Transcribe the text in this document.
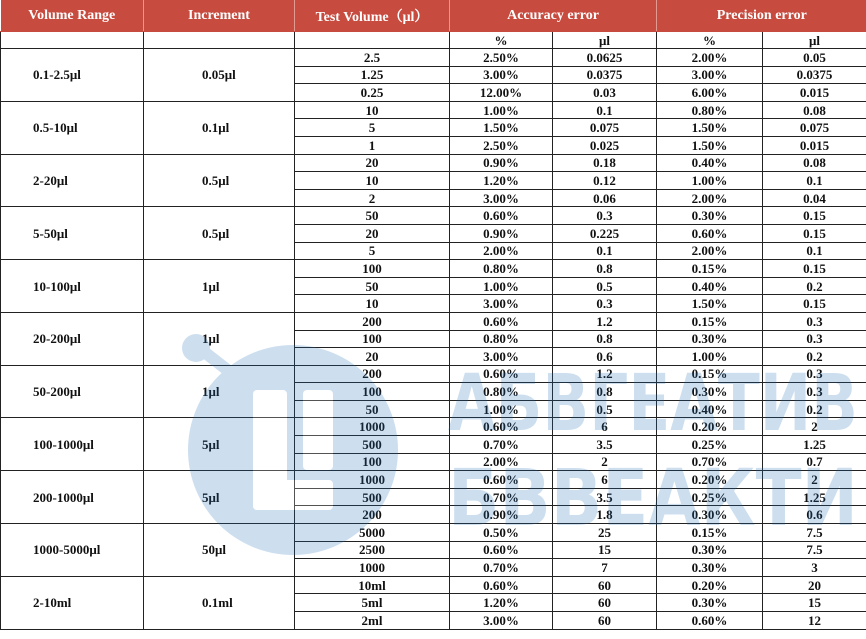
Volume Range	Increment	Test Volume（μl）	Accuracy error		Precision error	
			%	μl	%	μl
0.1-2.5μl	0.05μl	2.5	2.50%	0.0625	2.00%	0.05
		1.25	3.00%	0.0375	3.00%	0.0375
		0.25	12.00%	0.03	6.00%	0.015
0.5-10μl	0.1μl	10	1.00%	0.1	0.80%	0.08
		5	1.50%	0.075	1.50%	0.075
		1	2.50%	0.025	1.50%	0.015
2-20μl	0.5μl	20	0.90%	0.18	0.40%	0.08
		10	1.20%	0.12	1.00%	0.1
		2	3.00%	0.06	2.00%	0.04
5-50μl	0.5μl	50	0.60%	0.3	0.30%	0.15
		20	0.90%	0.225	0.60%	0.15
		5	2.00%	0.1	2.00%	0.1
10-100μl	1μl	100	0.80%	0.8	0.15%	0.15
		50	1.00%	0.5	0.40%	0.2
		10	3.00%	0.3	1.50%	0.15
20-200μl	1μl	200	0.60%	1.2	0.15%	0.3
		100	0.80%	0.8	0.30%	0.3
		20	3.00%	0.6	1.00%	0.2
50-200μl	1μl	200	0.60%	1.2	0.15%	0.3
		100	0.80%	0.8	0.30%	0.3
		50	1.00%	0.5	0.40%	0.2
100-1000μl	5μl	1000	0.60%	6	0.20%	2
		500	0.70%	3.5	0.25%	1.25
		100	2.00%	2	0.70%	0.7
200-1000μl	5μl	1000	0.60%	6	0.20%	2
		500	0.70%	3.5	0.25%	1.25
		200	0.90%	1.8	0.30%	0.6
1000-5000μl	50μl	5000	0.50%	25	0.15%	7.5
		2500	0.60%	15	0.30%	7.5
		1000	0.70%	7	0.30%	3
2-10ml	0.1ml	10ml	0.60%	60	0.20%	20
		5ml	1.20%	60	0.30%	15
		2ml	3.00%	60	0.60%	12
АБВГЕАТИВ
БВВЕАКТИ
